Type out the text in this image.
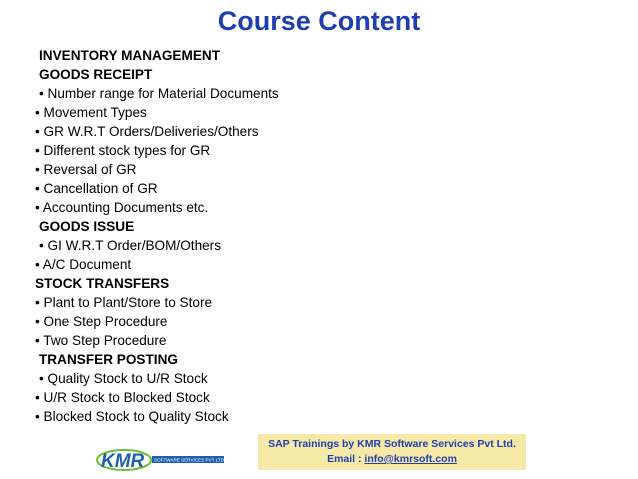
Course Content
INVENTORY MANAGEMENT
GOODS RECEIPT
• Number range for Material Documents
• Movement Types
• GR W.R.T Orders/Deliveries/Others
• Different stock types for GR
• Reversal of GR
• Cancellation of GR
• Accounting Documents etc.
GOODS ISSUE
• GI W.R.T Order/BOM/Others
• A/C Document
STOCK TRANSFERS
• Plant to Plant/Store to Store
• One Step Procedure
• Two Step Procedure
TRANSFER POSTING
• Quality Stock to U/R Stock
• U/R Stock to Blocked Stock
• Blocked Stock to Quality Stock
SAP Trainings by KMR Software Services Pvt Ltd.
Email : info@kmrsoft.com
KMR SOFTWARE SERVICES PVT LTD
